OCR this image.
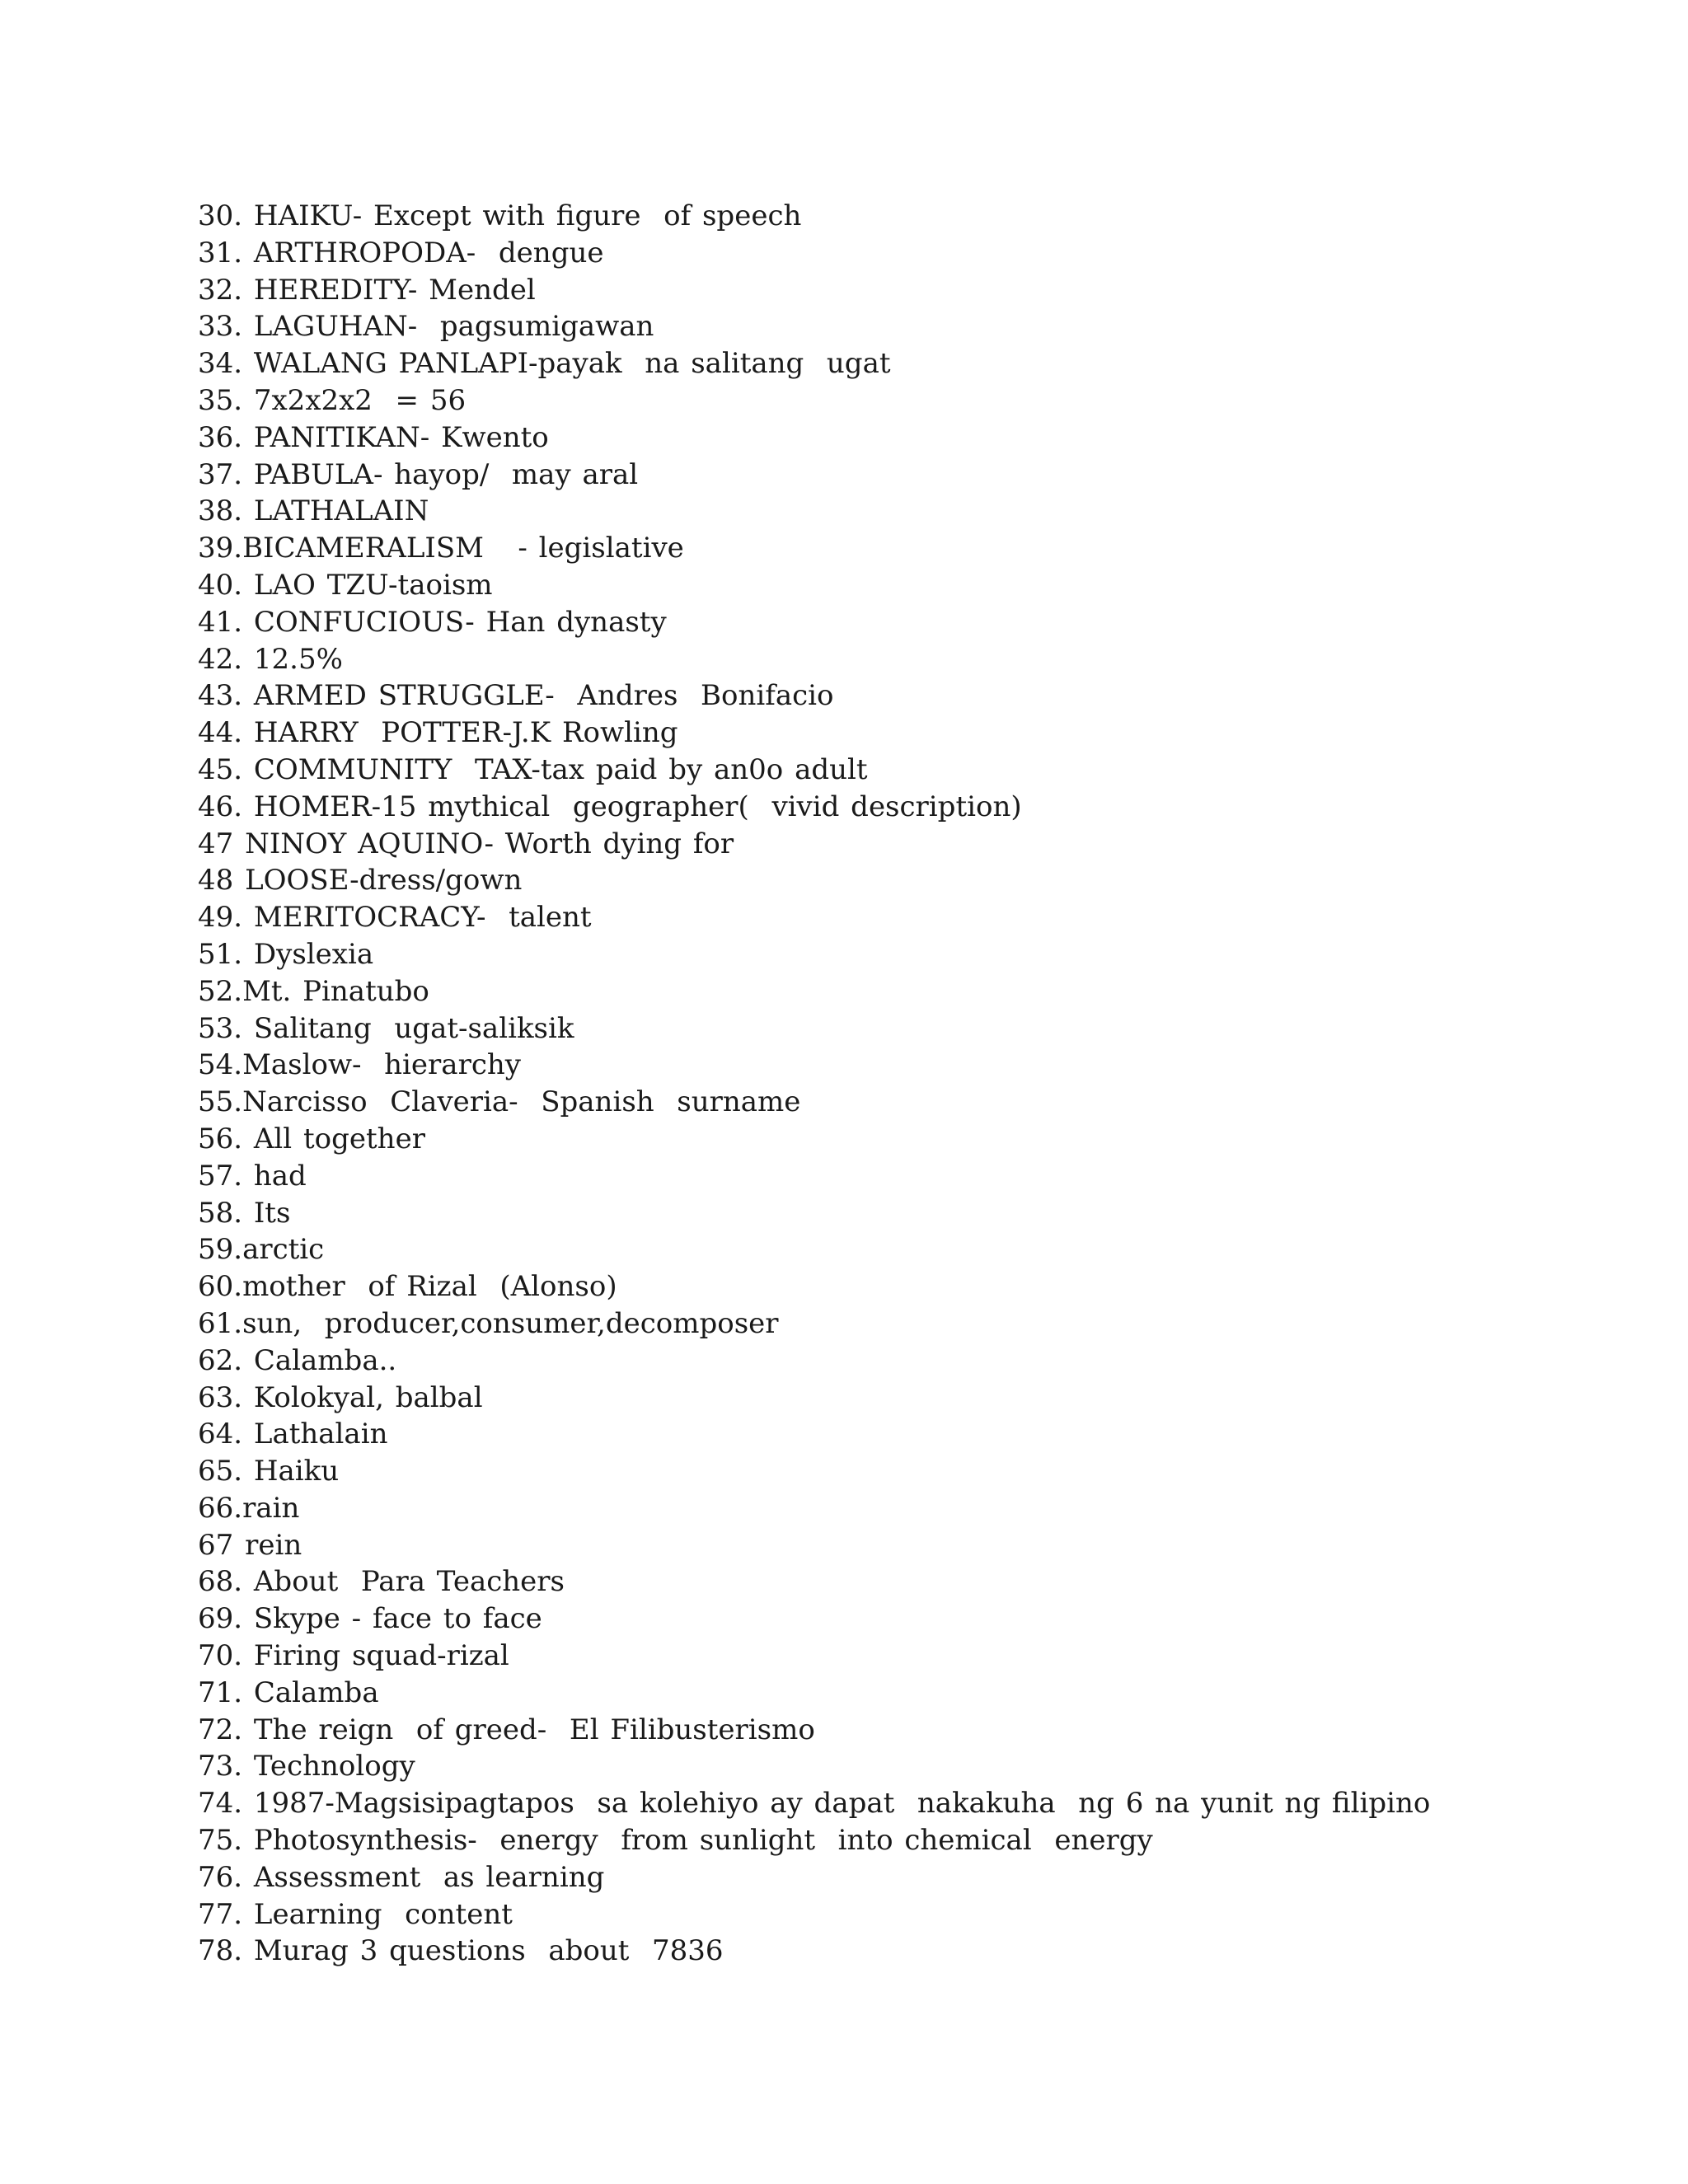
30. HAIKU- Except with figure  of speech
31. ARTHROPODA-  dengue
32. HEREDITY- Mendel
33. LAGUHAN-  pagsumigawan
34. WALANG PANLAPI-payak  na salitang  ugat
35. 7x2x2x2  = 56
36. PANITIKAN- Kwento
37. PABULA- hayop/  may aral
38. LATHALAIN
39.BICAMERALISM   - legislative
40. LAO TZU-taoism
41. CONFUCIOUS- Han dynasty
42. 12.5%
43. ARMED STRUGGLE-  Andres  Bonifacio
44. HARRY  POTTER-J.K Rowling
45. COMMUNITY  TAX-tax paid by an0o adult
46. HOMER-15 mythical  geographer(  vivid description)
47 NINOY AQUINO- Worth dying for
48 LOOSE-dress/gown
49. MERITOCRACY-  talent
51. Dyslexia
52.Mt. Pinatubo
53. Salitang  ugat-saliksik
54.Maslow-  hierarchy
55.Narcisso  Claveria-  Spanish  surname
56. All together
57. had
58. Its
59.arctic
60.mother  of Rizal  (Alonso)
61.sun,  producer,consumer,decomposer
62. Calamba..
63. Kolokyal, balbal
64. Lathalain
65. Haiku
66.rain
67 rein
68. About  Para Teachers
69. Skype - face to face
70. Firing squad-rizal
71. Calamba
72. The reign  of greed-  El Filibusterismo
73. Technology
74. 1987-Magsisipagtapos  sa kolehiyo ay dapat  nakakuha  ng 6 na yunit ng filipino
75. Photosynthesis-  energy  from sunlight  into chemical  energy
76. Assessment  as learning
77. Learning  content
78. Murag 3 questions  about  7836
